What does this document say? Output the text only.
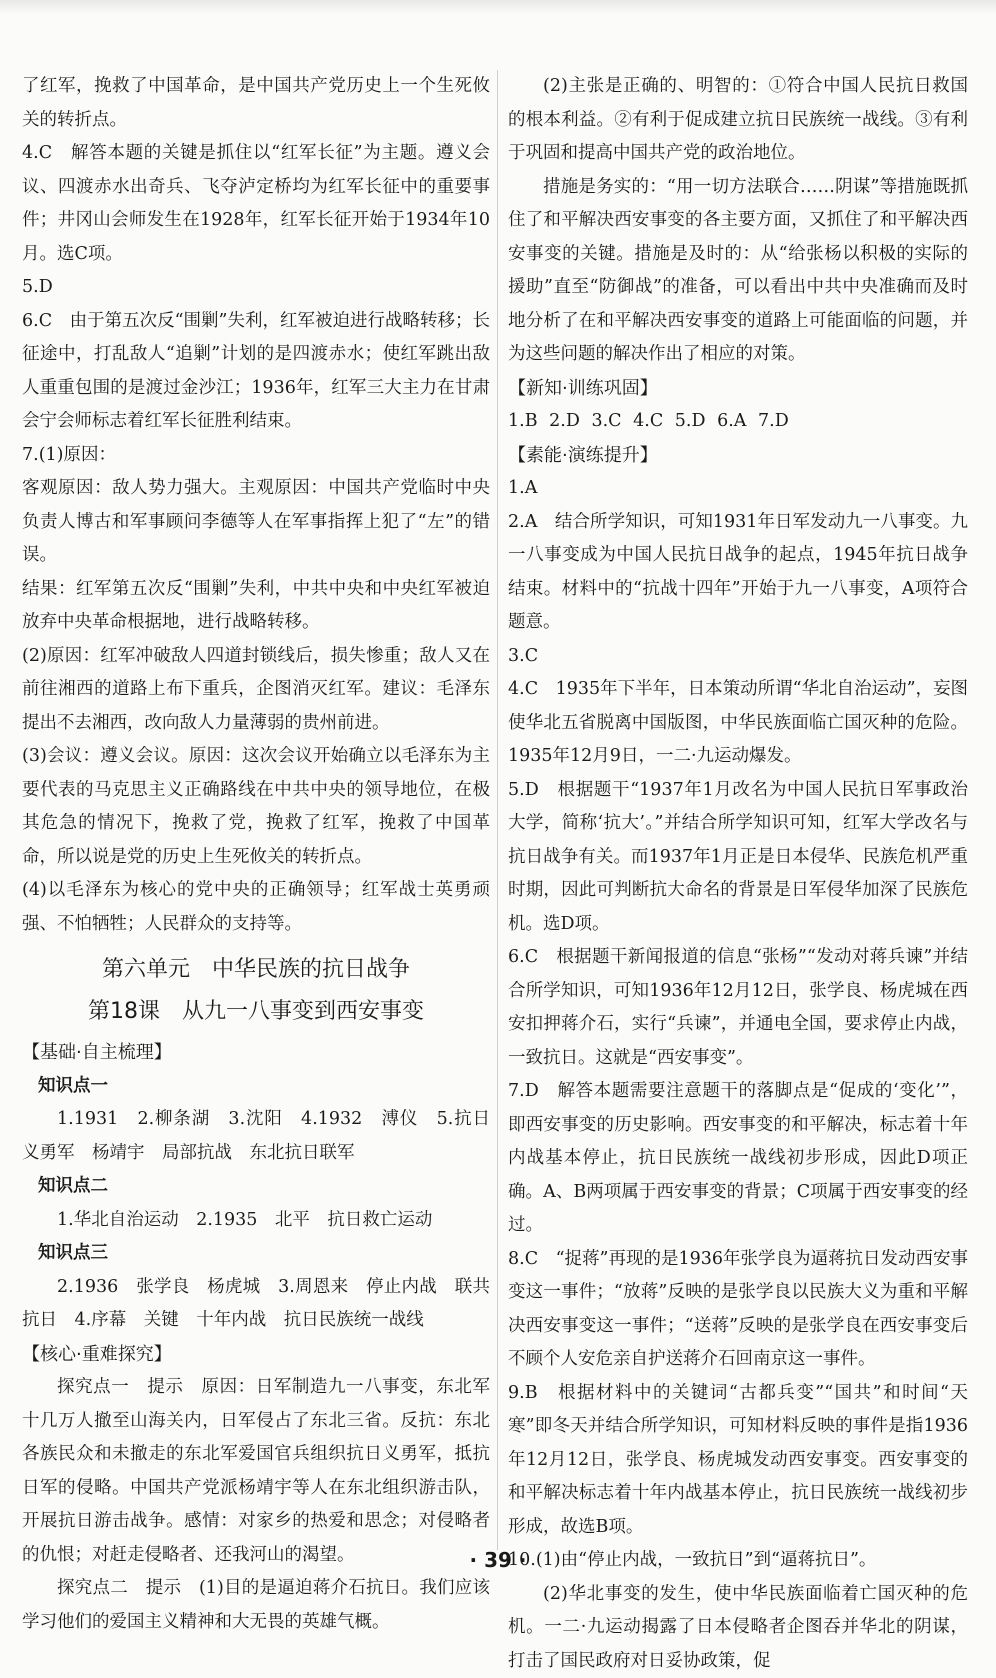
了红军，挽救了中国革命，是中国共产党历史上一个生死攸关的转折点。

4.C　解答本题的关键是抓住以“红军长征”为主题。遵义会议、四渡赤水出奇兵、飞夺泸定桥均为红军长征中的重要事件；井冈山会师发生在1928年，红军长征开始于1934年10月。选C项。

5.D

6.C　由于第五次反“围剿”失利，红军被迫进行战略转移；长征途中，打乱敌人“追剿”计划的是四渡赤水；使红军跳出敌人重重包围的是渡过金沙江；1936年，红军三大主力在甘肃会宁会师标志着红军长征胜利结束。

7.(1)原因：

客观原因：敌人势力强大。主观原因：中国共产党临时中央负责人博古和军事顾问李德等人在军事指挥上犯了“左”的错误。

结果：红军第五次反“围剿”失利，中共中央和中央红军被迫放弃中央革命根据地，进行战略转移。

(2)原因：红军冲破敌人四道封锁线后，损失惨重；敌人又在前往湘西的道路上布下重兵，企图消灭红军。建议：毛泽东提出不去湘西，改向敌人力量薄弱的贵州前进。

(3)会议：遵义会议。原因：这次会议开始确立以毛泽东为主要代表的马克思主义正确路线在中共中央的领导地位，在极其危急的情况下，挽救了党，挽救了红军，挽救了中国革命，所以说是党的历史上生死攸关的转折点。

(4)以毛泽东为核心的党中央的正确领导；红军战士英勇顽强、不怕牺牲；人民群众的支持等。

第六单元　中华民族的抗日战争

第18课　从九一八事变到西安事变

【基础·自主梳理】

知识点一

1.1931　2.柳条湖　3.沈阳　4.1932　溥仪　5.抗日义勇军　杨靖宇　局部抗战　东北抗日联军

知识点二

1.华北自治运动　2.1935　北平　抗日救亡运动

知识点三

2.1936　张学良　杨虎城　3.周恩来　停止内战　联共抗日　4.序幕　关键　十年内战　抗日民族统一战线

【核心·重难探究】

探究点一　提示　原因：日军制造九一八事变，东北军十几万人撤至山海关内，日军侵占了东北三省。反抗：东北各族民众和未撤走的东北军爱国官兵组织抗日义勇军，抵抗日军的侵略。中国共产党派杨靖宇等人在东北组织游击队，开展抗日游击战争。感情：对家乡的热爱和思念；对侵略者的仇恨；对赶走侵略者、还我河山的渴望。

探究点二　提示　(1)目的是逼迫蒋介石抗日。我们应该学习他们的爱国主义精神和大无畏的英雄气概。

(2)主张是正确的、明智的：①符合中国人民抗日救国的根本利益。②有利于促成建立抗日民族统一战线。③有利于巩固和提高中国共产党的政治地位。

措施是务实的：“用一切方法联合……阴谋”等措施既抓住了和平解决西安事变的各主要方面，又抓住了和平解决西安事变的关键。措施是及时的：从“给张杨以积极的实际的援助”直至“防御战”的准备，可以看出中共中央准确而及时地分析了在和平解决西安事变的道路上可能面临的问题，并为这些问题的解决作出了相应的对策。

【新知·训练巩固】

1.B 2.D 3.C 4.C 5.D 6.A 7.D

【素能·演练提升】

1.A

2.A　结合所学知识，可知1931年日军发动九一八事变。九一八事变成为中国人民抗日战争的起点，1945年抗日战争结束。材料中的“抗战十四年”开始于九一八事变，A项符合题意。

3.C

4.C　1935年下半年，日本策动所谓“华北自治运动”，妄图使华北五省脱离中国版图，中华民族面临亡国灭种的危险。1935年12月9日，一二·九运动爆发。

5.D　根据题干“1937年1月改名为中国人民抗日军事政治大学，简称‘抗大’。”并结合所学知识可知，红军大学改名与抗日战争有关。而1937年1月正是日本侵华、民族危机严重时期，因此可判断抗大命名的背景是日军侵华加深了民族危机。选D项。

6.C　根据题干新闻报道的信息“张杨”“发动对蒋兵谏”并结合所学知识，可知1936年12月12日，张学良、杨虎城在西安扣押蒋介石，实行“兵谏”，并通电全国，要求停止内战，一致抗日。这就是“西安事变”。

7.D　解答本题需要注意题干的落脚点是“促成的‘变化’”，即西安事变的历史影响。西安事变的和平解决，标志着十年内战基本停止，抗日民族统一战线初步形成，因此D项正确。A、B两项属于西安事变的背景；C项属于西安事变的经过。

8.C　“捉蒋”再现的是1936年张学良为逼蒋抗日发动西安事变这一事件；“放蒋”反映的是张学良以民族大义为重和平解决西安事变这一事件；“送蒋”反映的是张学良在西安事变后不顾个人安危亲自护送蒋介石回南京这一事件。

9.B　根据材料中的关键词“古都兵变”“国共”和时间“天寒”即冬天并结合所学知识，可知材料反映的事件是指1936年12月12日，张学良、杨虎城发动西安事变。西安事变的和平解决标志着十年内战基本停止，抗日民族统一战线初步形成，故选B项。

10.(1)由“停止内战，一致抗日”到“逼蒋抗日”。

(2)华北事变的发生，使中华民族面临着亡国灭种的危机。一二·九运动揭露了日本侵略者企图吞并华北的阴谋，打击了国民政府对日妥协政策，促

· 39 ·
